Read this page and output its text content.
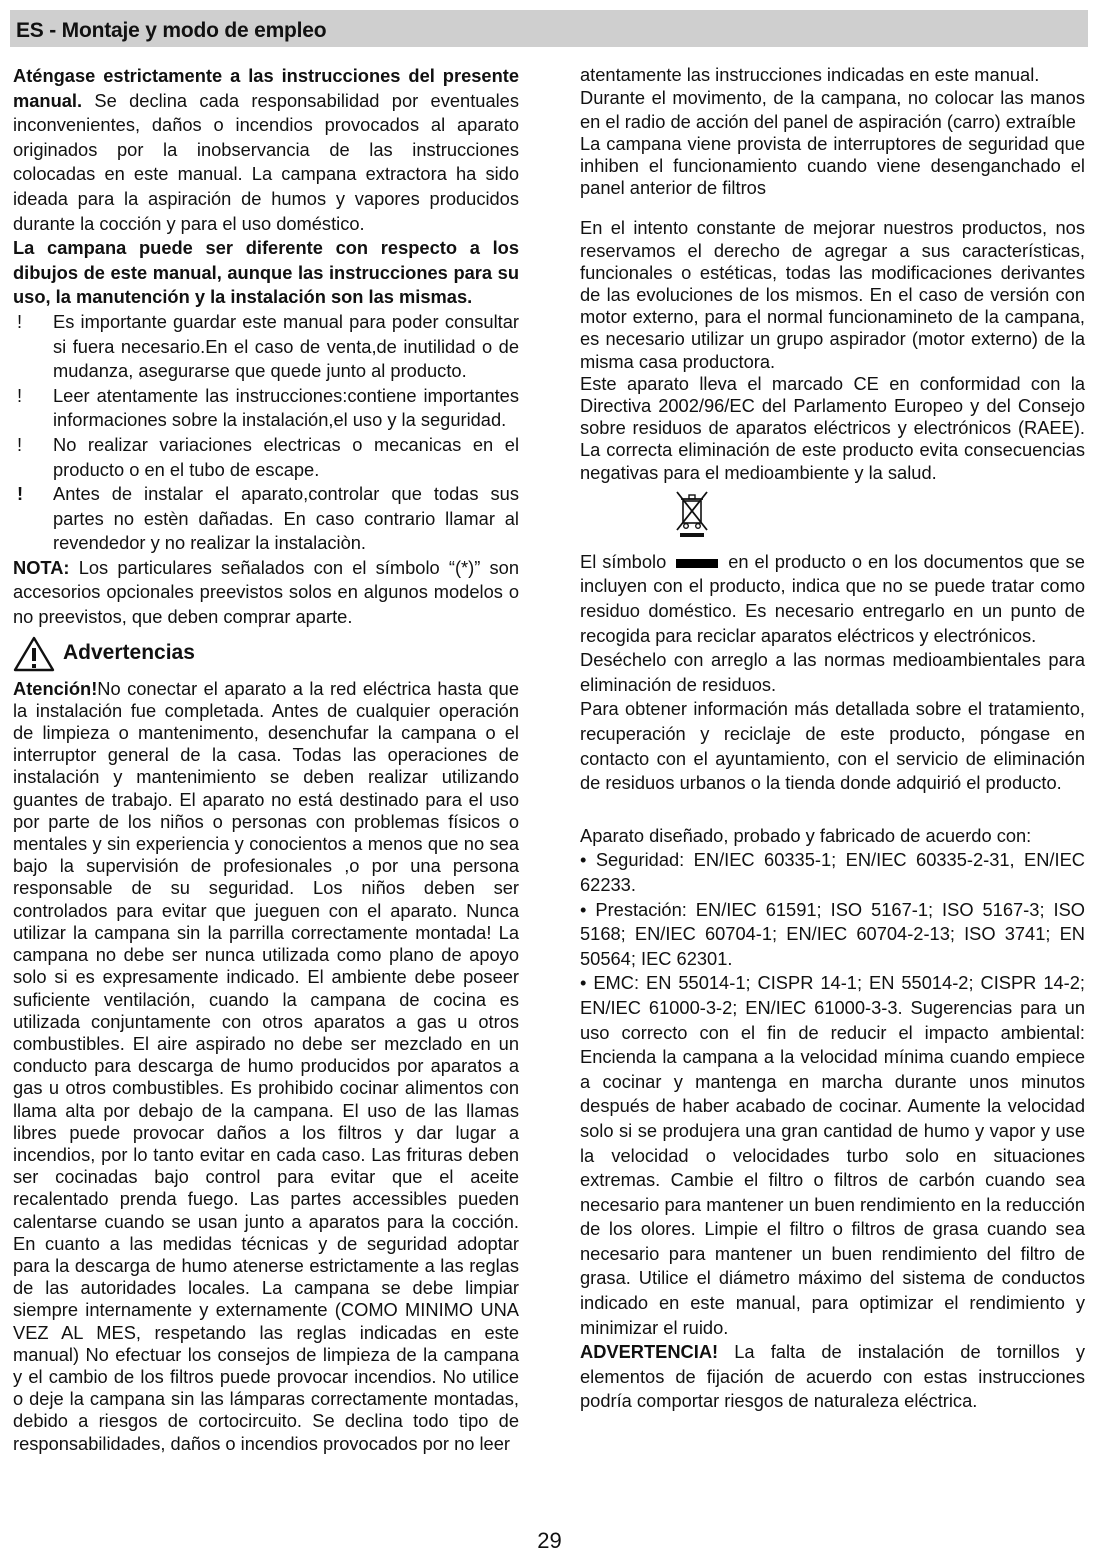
ES - Montaje y modo de empleo

Aténgase estrictamente a las instrucciones del presente manual. Se declina cada responsabilidad por eventuales inconvenientes, daños o incendios provocados al aparato originados por la inobservancia de las instrucciones colocadas en este manual. La campana extractora ha sido ideada para la aspiración de humos y vapores producidos durante la cocción y para el uso doméstico.

La campana puede ser diferente con respecto a los dibujos de este manual, aunque las instrucciones para su uso, la manutención y la instalación son las mismas.

! Es importante guardar este manual para poder consultar si fuera necesario.En el caso de venta,de inutilidad o de mudanza, asegurarse que quede junto al producto.

! Leer atentamente las instrucciones:contiene importantes informaciones sobre la instalación,el uso y la seguridad.

! No realizar variaciones electricas o mecanicas en el producto o en el tubo de escape.

! Antes de instalar el aparato,controlar que todas sus partes no estèn dañadas. En caso contrario llamar al revendedor y no realizar la instalaciòn.

NOTA: Los particulares señalados con el símbolo “(*)” son accesorios opcionales preevistos solos en algunos modelos o no preevistos, que deben comprar aparte.

Advertencias

Atención!No conectar el aparato a la red eléctrica hasta que la instalación fue completada. Antes de cualquier operación de limpieza o mantenimento, desenchufar la campana o el interruptor general de la casa. Todas las operaciones de instalación y mantenimiento se deben realizar utilizando guantes de trabajo. El aparato no está destinado para el uso por parte de los niños o personas con problemas físicos o mentales y sin experiencia y conocientos a menos que no sea bajo la supervisión de profesionales ,o por una persona responsable de su seguridad. Los niños deben ser controlados para evitar que jueguen con el aparato. Nunca utilizar la campana sin la parrilla correctamente montada! La campana no debe ser nunca utilizada como plano de apoyo solo si es expresamente indicado. El ambiente debe poseer suficiente ventilación, cuando la campana de cocina es utilizada conjuntamente con otros aparatos a gas u otros combustibles. El aire aspirado no debe ser mezclado en un conducto para descarga de humo producidos por aparatos a gas u otros combustibles. Es prohibido cocinar alimentos con llama alta por debajo de la campana. El uso de las llamas libres puede provocar daños a los filtros y dar lugar a incendios, por lo tanto evitar en cada caso. Las frituras deben ser cocinadas bajo control para evitar que el aceite recalentado prenda fuego. Las partes accessibles pueden calentarse cuando se usan junto a aparatos para la cocción. En cuanto a las medidas técnicas y de seguridad adoptar para la descarga de humo atenerse estrictamente a las reglas de las autoridades locales. La campana se debe limpiar siempre internamente y externamente (COMO MINIMO UNA VEZ AL MES, respetando las reglas indicadas en este manual) No efectuar los consejos de limpieza de la campana y el cambio de los filtros puede provocar incendios. No utilice o deje la campana sin las lámparas correctamente montadas, debido a riesgos de cortocircuito. Se declina todo tipo de responsabilidades, daños o incendios provocados por no leer

atentamente las instrucciones indicadas en este manual.

Durante el movimento, de la campana, no colocar las manos en el radio de acción del panel de aspiración (carro) extraíble

La campana viene provista de interruptores de seguridad que inhiben el funcionamiento cuando viene desenganchado el panel anterior de filtros

En el intento constante de mejorar nuestros productos, nos reservamos el derecho de agregar a sus características, funcionales o estéticas, todas las modificaciones derivantes de las evoluciones de los mismos. En el caso de versión con motor externo, para el normal funcionamineto de la campana, es necesario utilizar un grupo aspirador (motor externo) de la misma casa productora.

Este aparato lleva el marcado CE en conformidad con la Directiva 2002/96/EC del Parlamento Europeo y del Consejo sobre residuos de aparatos eléctricos y electrónicos (RAEE). La correcta eliminación de este producto evita consecuencias negativas para el medioambiente y la salud.

El símbolo	en el producto o en los documentos que se incluyen con el producto, indica que no se puede tratar como residuo doméstico. Es necesario entregarlo en un punto de recogida para reciclar aparatos eléctricos y electrónicos.

Deséchelo con arreglo a las normas medioambientales para eliminación de residuos.

Para obtener información más detallada sobre el tratamiento, recuperación y reciclaje de este producto, póngase en contacto con el ayuntamiento, con el servicio de eliminación de residuos urbanos o la tienda donde adquirió el producto.

Aparato diseñado, probado y fabricado de acuerdo con:

• Seguridad: EN/IEC 60335-1; EN/IEC 60335-2-31, EN/IEC 62233.

• Prestación: EN/IEC 61591; ISO 5167-1; ISO 5167-3; ISO 5168; EN/IEC 60704-1; EN/IEC 60704-2-13; ISO 3741; EN 50564; IEC 62301.

• EMC: EN 55014-1; CISPR 14-1; EN 55014-2; CISPR 14-2; EN/IEC 61000-3-2; EN/IEC 61000-3-3. Sugerencias para un uso correcto con el fin de reducir el impacto ambiental: Encienda la campana a la velocidad mínima cuando empiece a cocinar y mantenga en marcha durante unos minutos después de haber acabado de cocinar. Aumente la velocidad solo si se produjera una gran cantidad de humo y vapor y use la velocidad o velocidades turbo solo en situaciones extremas. Cambie el filtro o filtros de carbón cuando sea necesario para mantener un buen rendimiento en la reducción de los olores. Limpie el filtro o filtros de grasa cuando sea necesario para mantener un buen rendimiento del filtro de grasa. Utilice el diámetro máximo del sistema de conductos indicado en este manual, para optimizar el rendimiento y minimizar el ruido.

ADVERTENCIA! La falta de instalación de tornillos y elementos de fijación de acuerdo con estas instrucciones podría comportar riesgos de naturaleza eléctrica.

29
